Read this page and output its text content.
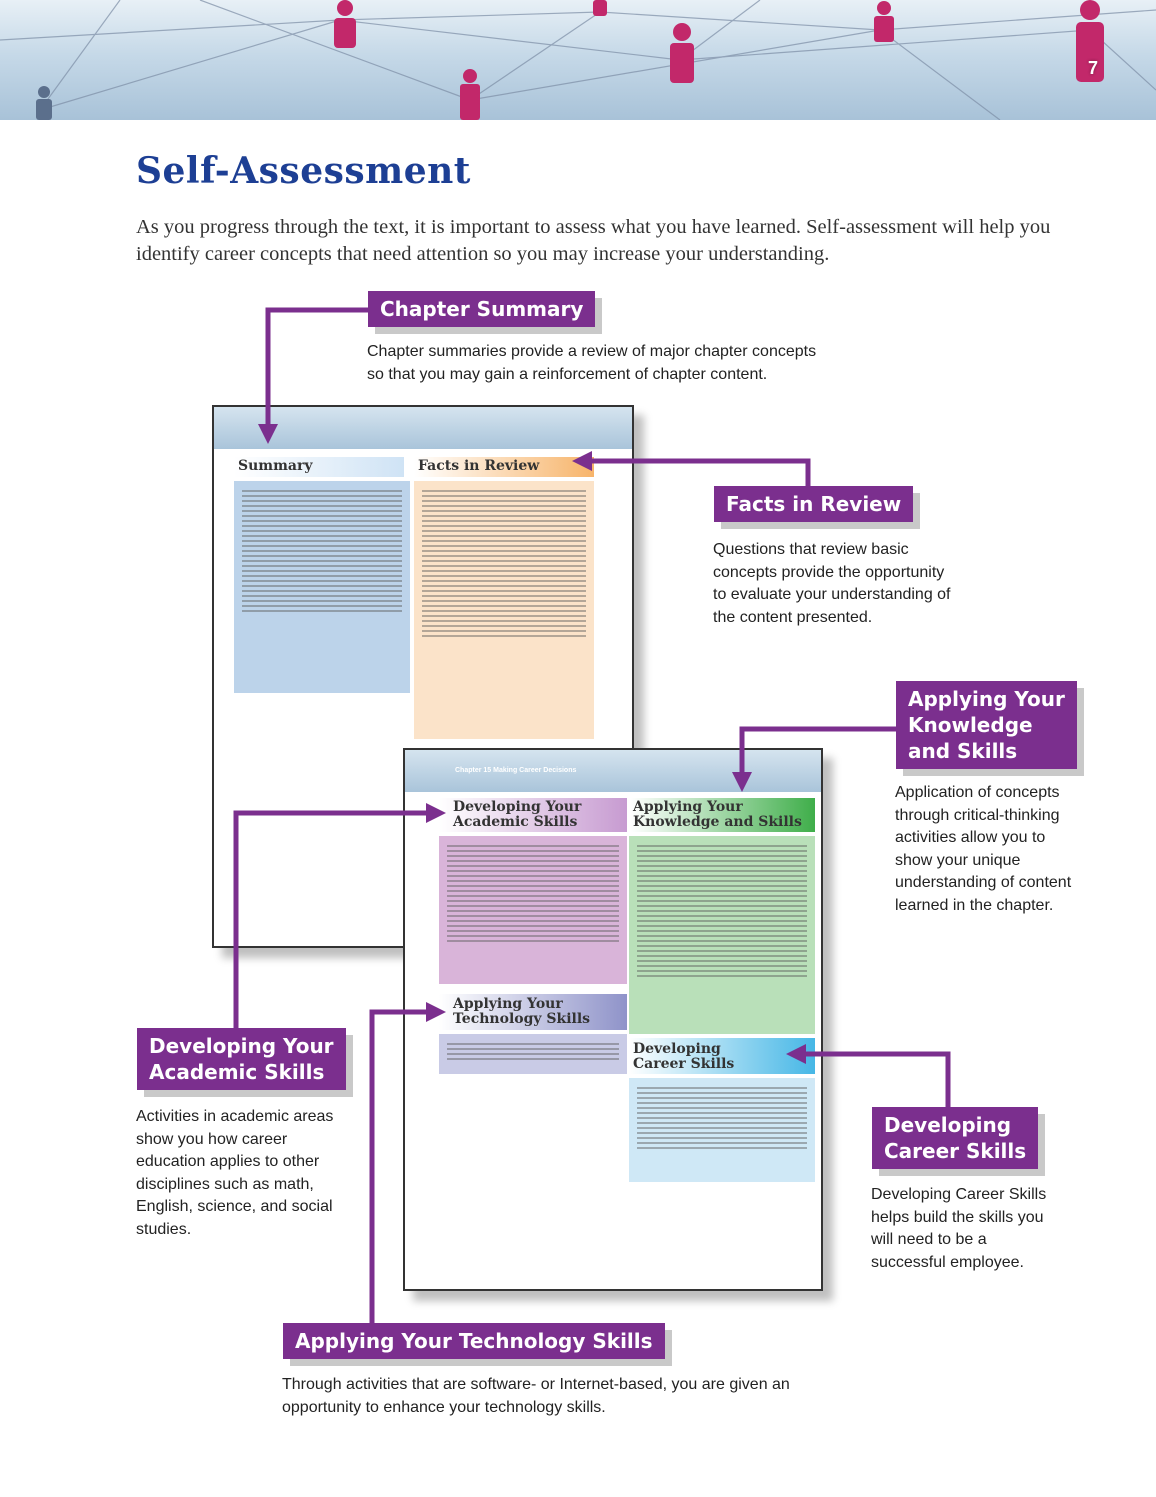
7
Self-Assessment

As you progress through the text, it is important to assess what you have learned. Self-assessment will help you identify career concepts that need attention so you may increase your understanding.

Summary	Facts in Review
Chapter 15 Making Career Decisions
Developing Your
Academic Skills
Applying Your
Knowledge and Skills
Applying Your
Technology Skills
Developing
Career Skills
Chapter Summary
Chapter summaries provide a review of major chapter concepts so that you may gain a reinforcement of chapter content.
Facts in Review
Questions that review basic concepts provide the opportunity to evaluate your understanding of the content presented.
Applying Your
Knowledge
and Skills
Application of concepts through critical-thinking activities allow you to show your unique understanding of content learned in the chapter.
Developing Your
Academic Skills
Activities in academic areas show you how career education applies to other disciplines such as math, English, science, and social studies.
Developing
Career Skills
Developing Career Skills helps build the skills you will need to be a successful employee.
Applying Your Technology Skills
Through activities that are software- or Internet-based, you are given an opportunity to enhance your technology skills.
